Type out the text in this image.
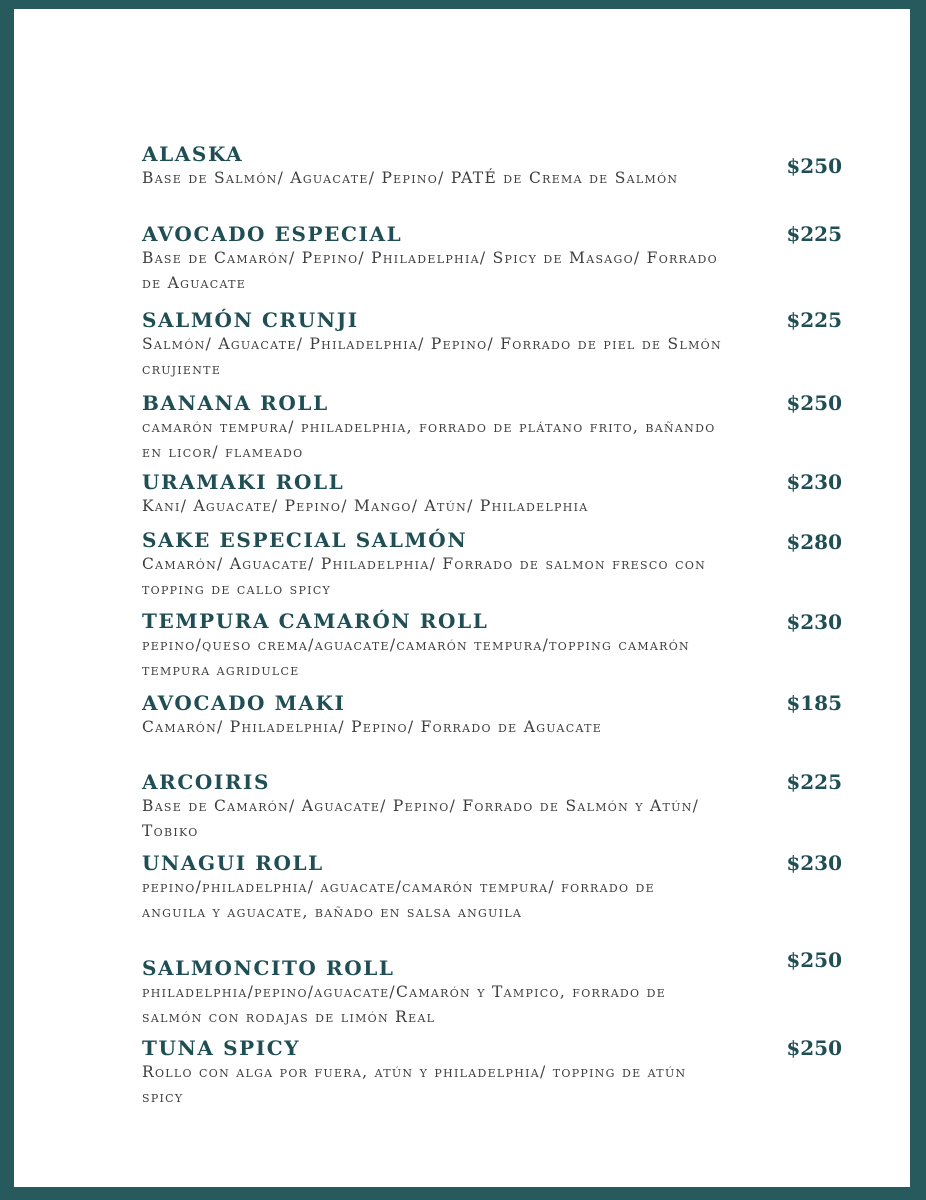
ALASKA
Base de Salmón/ Aguacate/ Pepino/ PATÉ de Crema de Salmón	$250
AVOCADO ESPECIAL
Base de Camarón/ Pepino/ Philadelphia/ Spicy de Masago/ Forrado de Aguacate
$225
SALMÓN CRUNJI
Salmón/ Aguacate/ Philadelphia/ Pepino/ Forrado de piel de Slmón crujiente
$225
BANANA ROLL
camarón tempura/ philadelphia, forrado de plátano frito, bañando en licor/ flameado
$250
URAMAKI ROLL
Kani/ Aguacate/ Pepino/ Mango/ Atún/ Philadelphia
$230
SAKE ESPECIAL SALMÓN
Camarón/ Aguacate/ Philadelphia/ Forrado de salmon fresco con topping de callo spicy
$280
TEMPURA CAMARÓN ROLL
pepino/queso crema/aguacate/camarón tempura/topping camarón tempura agridulce
$230
AVOCADO MAKI
Camarón/ Philadelphia/ Pepino/ Forrado de Aguacate
$185
ARCOIRIS
Base de Camarón/ Aguacate/ Pepino/ Forrado de Salmón y Atún/ Tobiko
$225
UNAGUI ROLL
pepino/philadelphia/ aguacate/camarón tempura/ forrado de anguila y aguacate, bañado en salsa anguila
$230
SALMONCITO ROLL
philadelphia/pepino/aguacate/Camarón y Tampico, forrado de salmón con rodajas de limón Real
$250
TUNA SPICY
Rollo con alga por fuera, atún y philadelphia/ topping de atún spicy
$250
